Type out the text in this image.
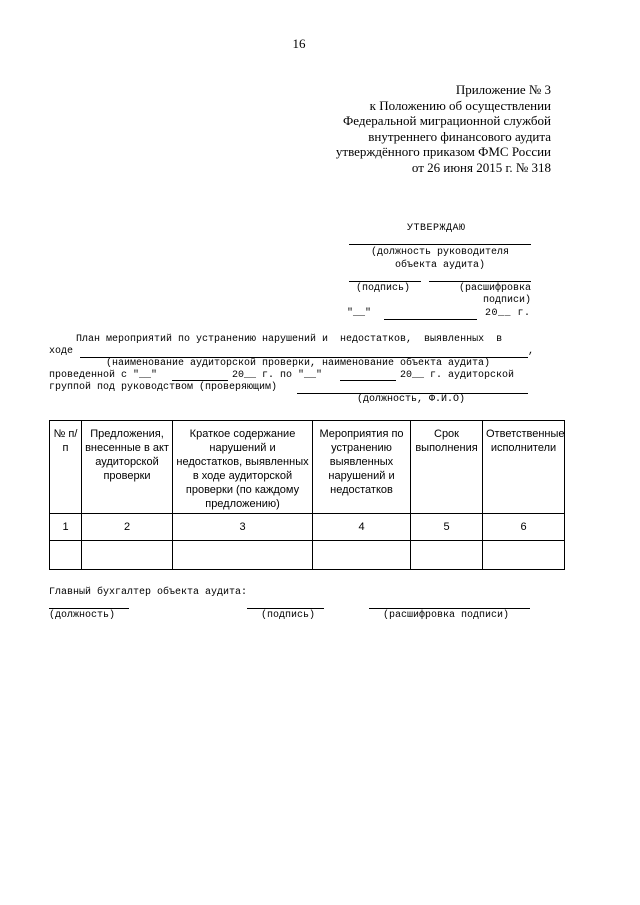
16
Приложение № 3
к Положению об осуществлении
Федеральной миграционной службой
внутреннего финансового аудита
утверждённого приказом ФМС России
от 26 июня 2015 г. № 318
УТВЕРЖДАЮ
(должность руководителя
объекта аудита)
(подпись)	(расшифровка
подписи)
"__"	20__ г.
План мероприятий по устранению нарушений и  недостатков,  выявленных  в
ходе	,
(наименование аудиторской проверки, наименование объекта аудита)
проведенной с "__"	20__ г. по "__"	20__ г. аудиторской
группой под руководством (проверяющим)
(должность, Ф.И.О)
№ п/п	Предложения, внесенные в акт аудиторской проверки	Краткое содержание нарушений и недостатков, выявленных в ходе аудиторской проверки (по каждому предложению)	Мероприятия по устранению выявленных нарушений и недостатков	Срок выполнения	Ответственные исполнители
1	2	3	4	5	6

Главный бухгалтер объекта аудита:
(должность)	(подпись)	(расшифровка подписи)
